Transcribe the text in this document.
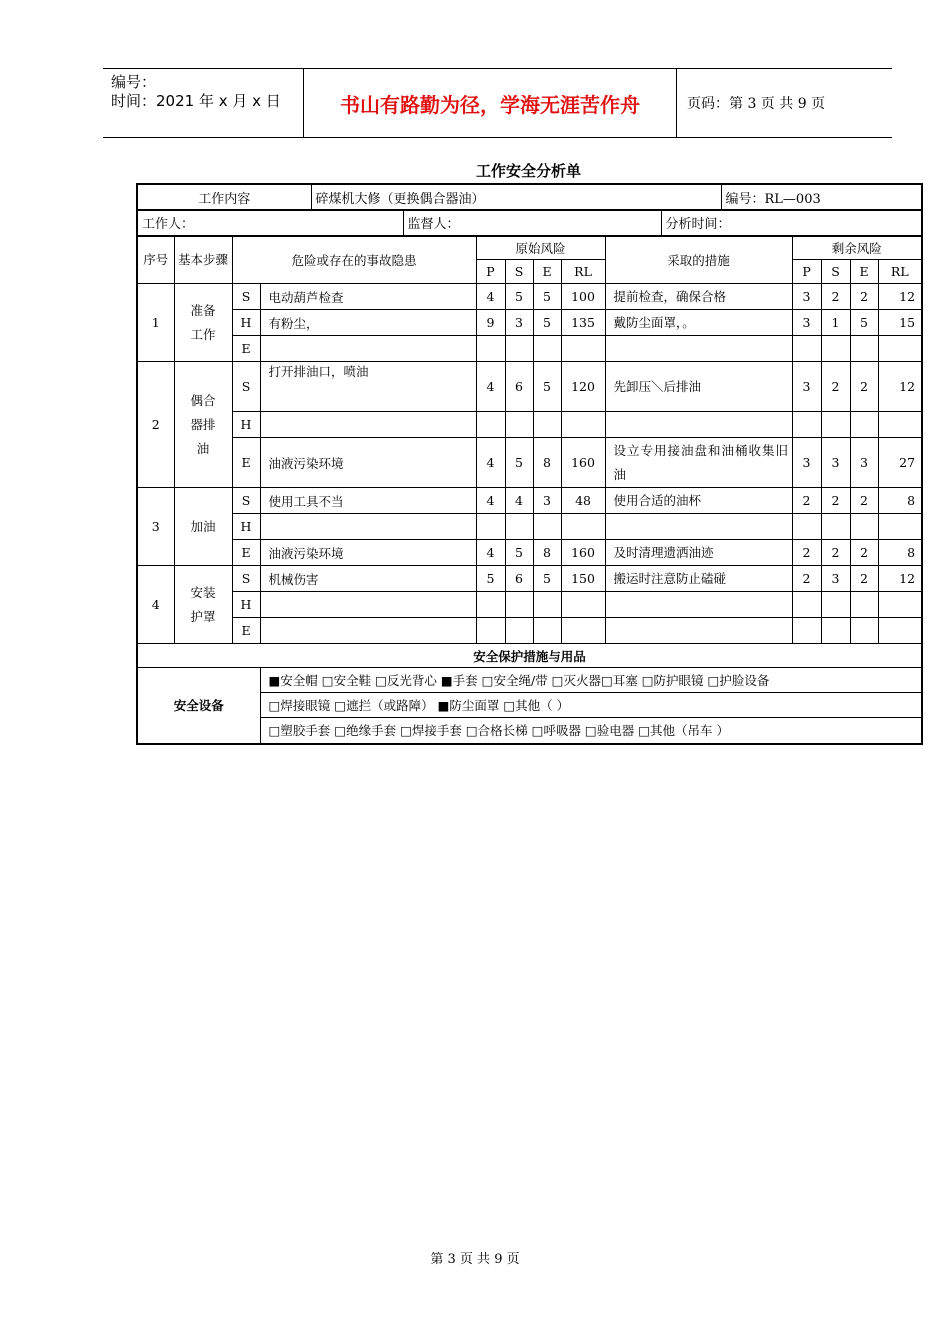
编号：
时间：2021 年 x 月 x 日	书山有路勤为径，学海无涯苦作舟	页码：第 3 页 共 9 页
工作安全分析单
工作内容	碎煤机大修（更换偶合器油）	编号：RL—003
工作人：	监督人：	分析时间：
序号	基本步骤	危险或存在的事故隐患		原始风险				采取的措施	剩余风险			
				P	S	E	RL		P	S	E	RL
1	准备工作	S	电动葫芦检查	4	5	5	100	提前检查，确保合格	3	2	2	12
		H	有粉尘，	9	3	5	135	戴防尘面罩，。	3	1	5	15
		E										
2	偶合器排油	S	打开排油口，喷油	4	6	5	120	先卸压＼后排油	3	2	2	12
		H										
		E	油液污染环境	4	5	8	160	设立专用接油盘和油桶收集旧油	3	3	3	27
3	加油	S	使用工具不当	4	4	3	48	使用合适的油杯	2	2	2	8
		H										
		E	油液污染环境	4	5	8	160	及时清理遗洒油迹	2	2	2	8
4	安装护罩	S	机械伤害	5	6	5	150	搬运时注意防止磕碰	2	3	2	12
		H										
		E										
安全保护措施与用品												
安全设备			■安全帽 □安全鞋 □反光背心 ■手套 □安全绳/带 □灭火器□耳塞 □防护眼镜 □护脸设备									
			□焊接眼镜 □遮拦（或路障） ■防尘面罩 □其他（ ）									
			□塑胶手套 □绝缘手套 □焊接手套 □合格长梯 □呼吸器 □验电器 □其他（吊车 ）									
第 3 页 共 9 页
